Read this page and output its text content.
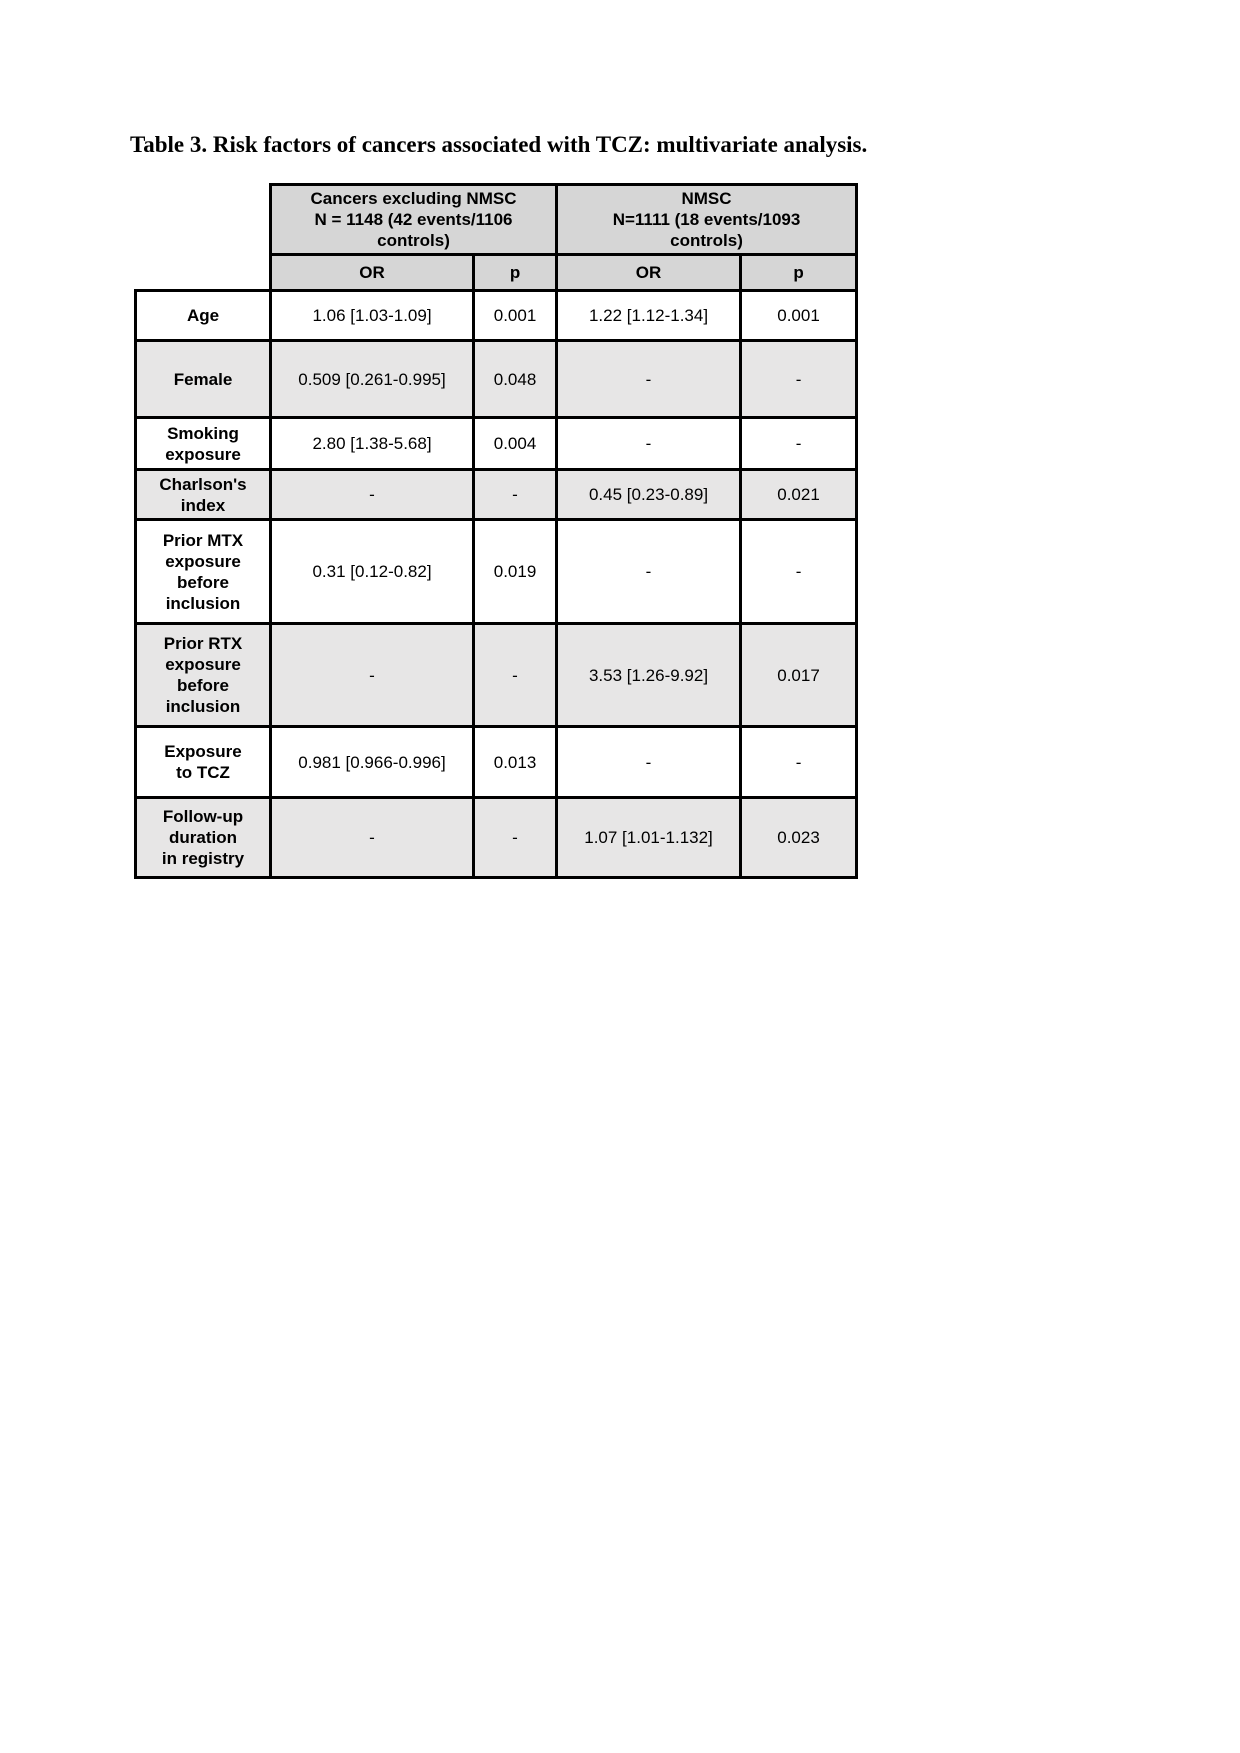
Table 3. Risk factors of cancers associated with TCZ: multivariate analysis.
	Cancers excluding NMSC
N = 1148 (42 events/1106
controls)		NMSC
N=1111 (18 events/1093
controls)	
	OR	p	OR	p
Age	1.06 [1.03-1.09]	0.001	1.22 [1.12-1.34]	0.001
Female	0.509 [0.261-0.995]	0.048	-	-
Smoking
exposure	2.80 [1.38-5.68]	0.004	-	-
Charlson's
index	-	-	0.45 [0.23-0.89]	0.021
Prior MTX
exposure
before
inclusion	0.31 [0.12-0.82]	0.019	-	-
Prior RTX
exposure
before
inclusion	-	-	3.53 [1.26-9.92]	0.017
Exposure
to TCZ	0.981 [0.966-0.996]	0.013	-	-
Follow-up
duration
in registry	-	-	1.07 [1.01-1.132]	0.023
